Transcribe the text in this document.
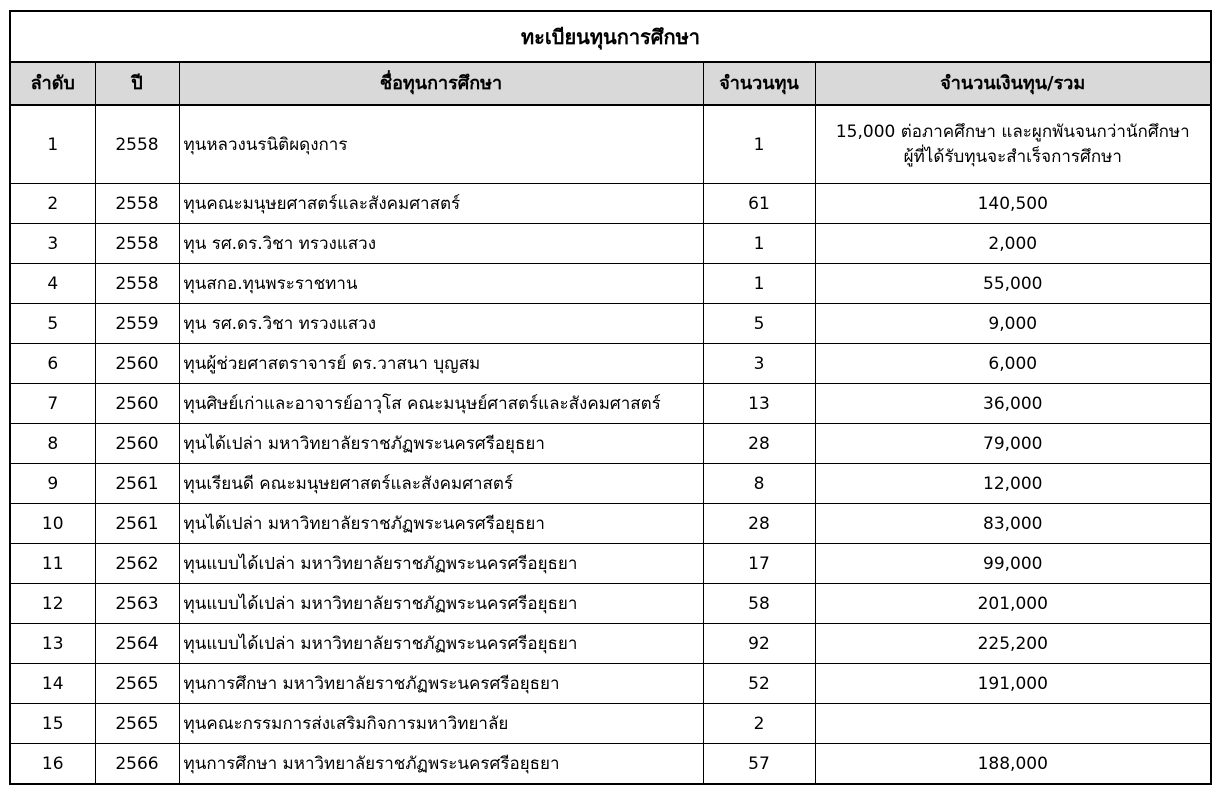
ทะเบียนทุนการศึกษา				
ลำดับ	ปี	ชื่อทุนการศึกษา	จำนวนทุน	จำนวนเงินทุน/รวม
1	2558	ทุนหลวงนรนิติผดุงการ	1	15,000 ต่อภาคศึกษา และผูกพันจนกว่านักศึกษา
ผู้ที่ได้รับทุนจะสำเร็จการศึกษา

2	2558	ทุนคณะมนุษยศาสตร์และสังคมศาสตร์	61	140,500
3	2558	ทุน รศ.ดร.วิชา ทรวงแสวง	1	2,000
4	2558	ทุนสกอ.ทุนพระราชทาน	1	55,000
5	2559	ทุน รศ.ดร.วิชา ทรวงแสวง	5	9,000
6	2560	ทุนผู้ช่วยศาสตราจารย์ ดร.วาสนา บุญสม	3	6,000
7	2560	ทุนศิษย์เก่าและอาจารย์อาวุโส คณะมนุษย์ศาสตร์และสังคมศาสตร์	13	36,000
8	2560	ทุนได้เปล่า มหาวิทยาลัยราชภัฏพระนครศรีอยุธยา	28	79,000
9	2561	ทุนเรียนดี คณะมนุษยศาสตร์และสังคมศาสตร์	8	12,000
10	2561	ทุนได้เปล่า มหาวิทยาลัยราชภัฏพระนครศรีอยุธยา	28	83,000
11	2562	ทุนแบบได้เปล่า มหาวิทยาลัยราชภัฏพระนครศรีอยุธยา	17	99,000
12	2563	ทุนแบบได้เปล่า มหาวิทยาลัยราชภัฏพระนครศรีอยุธยา	58	201,000
13	2564	ทุนแบบได้เปล่า มหาวิทยาลัยราชภัฏพระนครศรีอยุธยา	92	225,200
14	2565	ทุนการศึกษา มหาวิทยาลัยราชภัฏพระนครศรีอยุธยา	52	191,000
15	2565	ทุนคณะกรรมการส่งเสริมกิจการมหาวิทยาลัย	2	
16	2566	ทุนการศึกษา มหาวิทยาลัยราชภัฏพระนครศรีอยุธยา	57	188,000
